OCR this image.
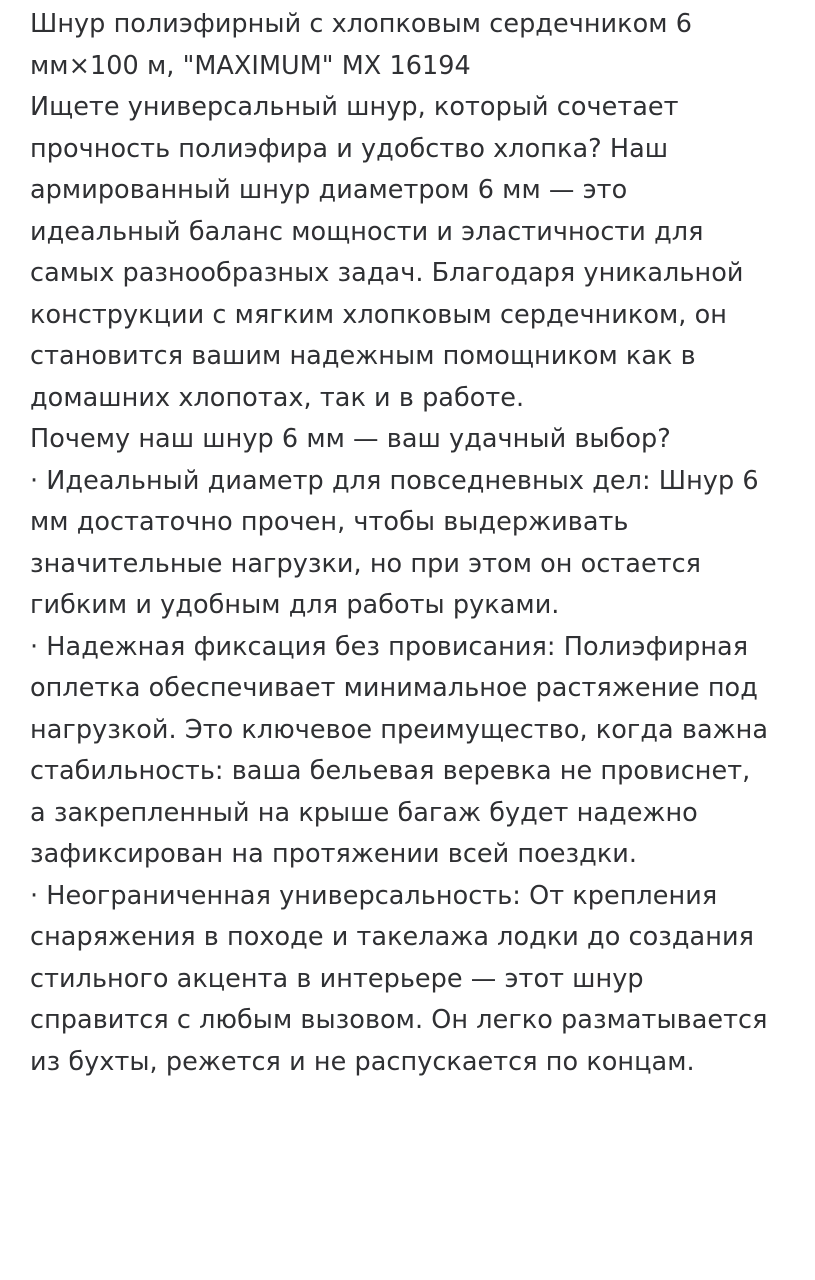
Шнур полиэфирный с хлопковым сердечником 6 мм×100 м, "MAXIMUM" МХ 16194

Ищете универсальный шнур, который сочетает прочность полиэфира и удобство хлопка? Наш армированный шнур диаметром 6 мм — это идеальный баланс мощности и эластичности для самых разнообразных задач. Благодаря уникальной конструкции с мягким хлопковым сердечником, он становится вашим надежным помощником как в домашних хлопотах, так и в работе.

Почему наш шнур 6 мм — ваш удачный выбор?

· Идеальный диаметр для повседневных дел: Шнур 6 мм достаточно прочен, чтобы выдерживать значительные нагрузки, но при этом он остается гибким и удобным для работы руками.

· Надежная фиксация без провисания: Полиэфирная оплетка обеспечивает минимальное растяжение под нагрузкой. Это ключевое преимущество, когда важна стабильность: ваша бельевая веревка не провиснет, а закрепленный на крыше багаж будет надежно зафиксирован на протяжении всей поездки.

· Неограниченная универсальность: От крепления снаряжения в походе и такелажа лодки до создания стильного акцента в интерьере — этот шнур справится с любым вызовом. Он легко разматывается из бухты, режется и не распускается по концам.
